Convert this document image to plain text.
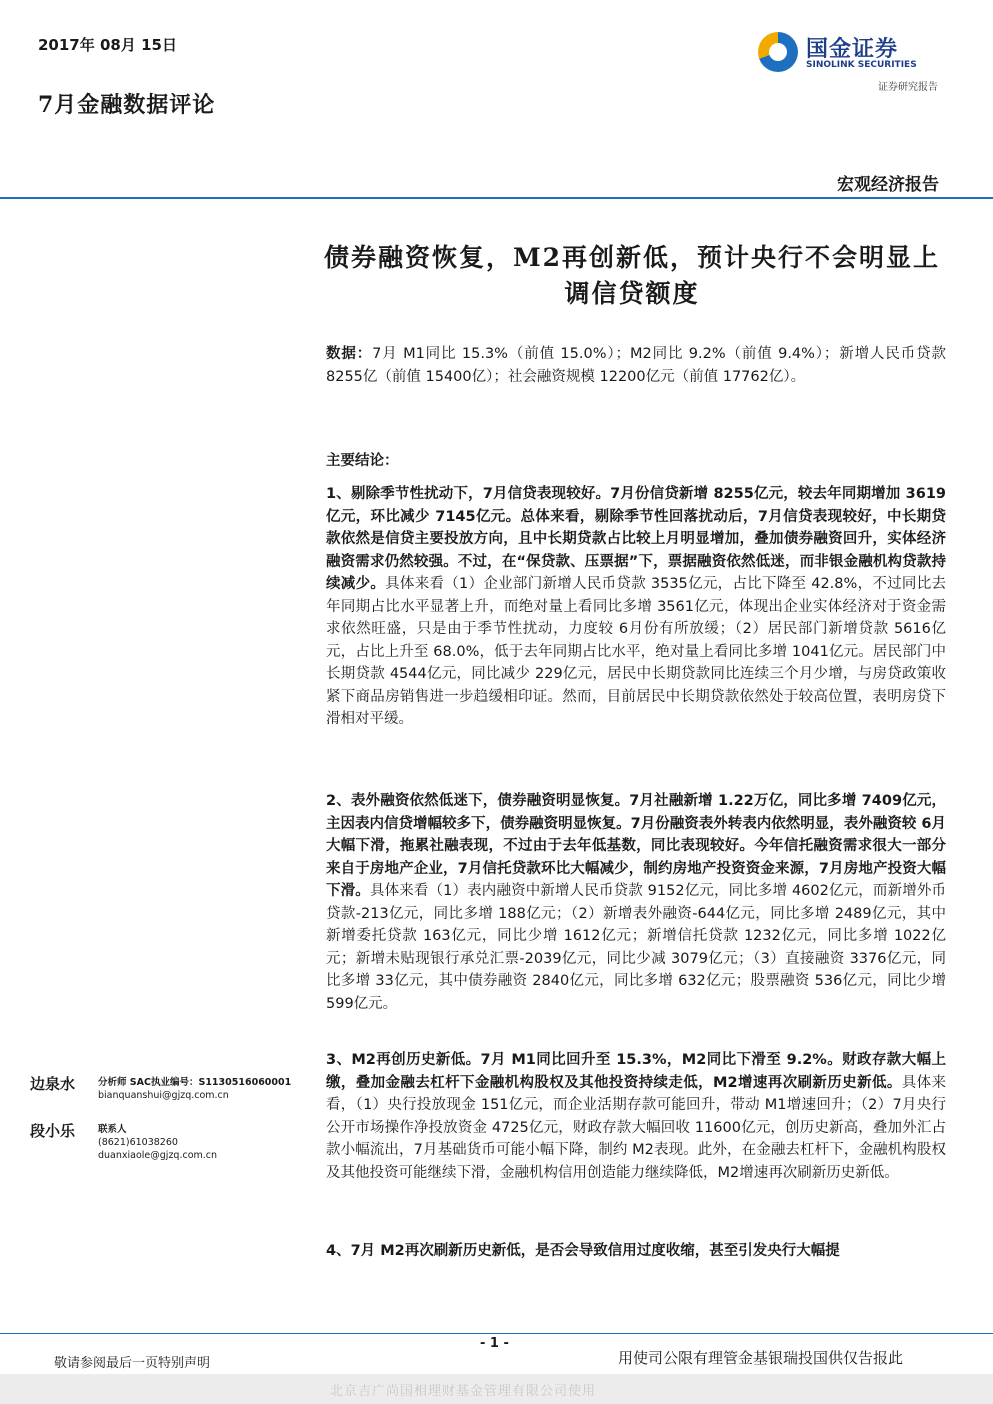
2017年 08月 15日
7月金融数据评论
国金证券
SINOLINK SECURITIES
证券研究报告
宏观经济报告
债券融资恢复，M2再创新低，预计央行不会明显上调信贷额度
数据：7月 M1同比 15.3%（前值 15.0%）；M2同比 9.2%（前值 9.4%）；新增人民币贷款 8255亿（前值 15400亿）；社会融资规模 12200亿元（前值 17762亿）。
主要结论：
1、剔除季节性扰动下，7月信贷表现较好。7月份信贷新增 8255亿元，较去年同期增加 3619亿元，环比减少 7145亿元。总体来看，剔除季节性回落扰动后，7月信贷表现较好，中长期贷款依然是信贷主要投放方向，且中长期贷款占比较上月明显增加，叠加债券融资回升，实体经济融资需求仍然较强。不过，在“保贷款、压票据”下，票据融资依然低迷，而非银金融机构贷款持续减少。具体来看（1）企业部门新增人民币贷款 3535亿元，占比下降至 42.8%，不过同比去年同期占比水平显著上升，而绝对量上看同比多增 3561亿元，体现出企业实体经济对于资金需求依然旺盛，只是由于季节性扰动，力度较 6月份有所放缓；（2）居民部门新增贷款 5616亿元，占比上升至 68.0%，低于去年同期占比水平，绝对量上看同比多增 1041亿元。居民部门中长期贷款 4544亿元，同比减少 229亿元，居民中长期贷款同比连续三个月少增，与房贷政策收紧下商品房销售进一步趋缓相印证。然而，目前居民中长期贷款依然处于较高位置，表明房贷下滑相对平缓。
2、表外融资依然低迷下，债券融资明显恢复。7月社融新增 1.22万亿，同比多增 7409亿元，主因表内信贷增幅较多下，债券融资明显恢复。7月份融资表外转表内依然明显，表外融资较 6月大幅下滑，拖累社融表现，不过由于去年低基数，同比表现较好。今年信托融资需求很大一部分来自于房地产企业，7月信托贷款环比大幅减少，制约房地产投资资金来源，7月房地产投资大幅下滑。具体来看（1）表内融资中新增人民币贷款 9152亿元，同比多增 4602亿元，而新增外币贷款-213亿元，同比多增 188亿元；（2）新增表外融资-644亿元，同比多增 2489亿元，其中新增委托贷款 163亿元，同比少增 1612亿元；新增信托贷款 1232亿元，同比多增 1022亿元；新增未贴现银行承兑汇票-2039亿元，同比少减 3079亿元；（3）直接融资 3376亿元，同比多增 33亿元，其中债券融资 2840亿元，同比多增 632亿元；股票融资 536亿元，同比少增 599亿元。
3、M2再创历史新低。7月 M1同比回升至 15.3%，M2同比下滑至 9.2%。财政存款大幅上缴，叠加金融去杠杆下金融机构股权及其他投资持续走低，M2增速再次刷新历史新低。具体来看，（1）央行投放现金 151亿元，而企业活期存款可能回升，带动 M1增速回升；（2）7月央行公开市场操作净投放资金 4725亿元，财政存款大幅回收 11600亿元，创历史新高，叠加外汇占款小幅流出，7月基础货币可能小幅下降，制约 M2表现。此外，在金融去杠杆下，金融机构股权及其他投资可能继续下滑，金融机构信用创造能力继续降低，M2增速再次刷新历史新低。
4、7月 M2再次刷新历史新低，是否会导致信用过度收缩，甚至引发央行大幅提
边泉水	分析师 SAC执业编号：S1130516060001
bianquanshui@gjzq.com.cn
段小乐	联系人
(8621)61038260
duanxiaole@gjzq.com.cn
- 1 -
敬请参阅最后一页特别声明	用使司公限有理管金基银瑞投国供仅告报此
北京吉广尚国相理财基金管理有限公司使用
